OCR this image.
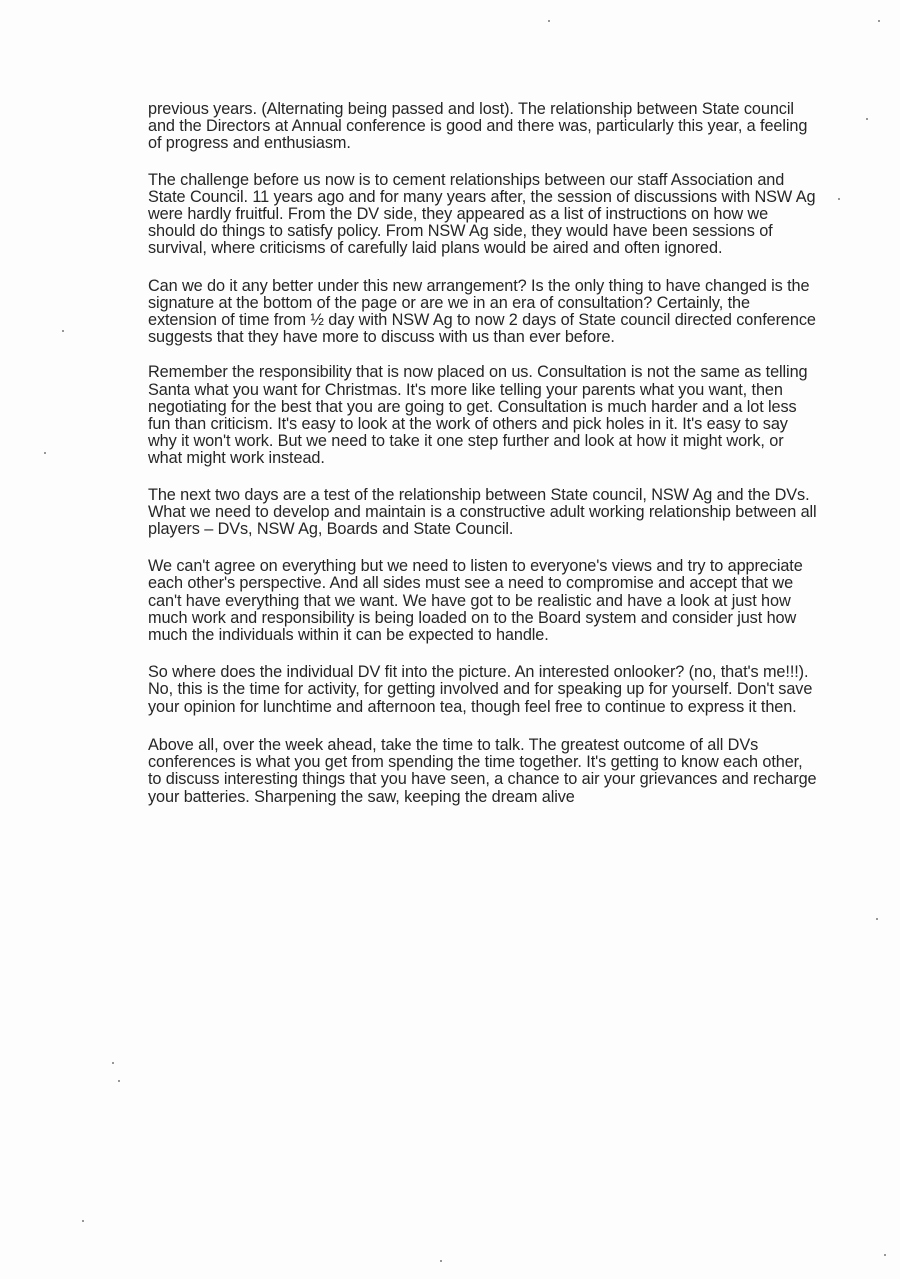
previous years. (Alternating being passed and lost). The relationship between State council and the Directors at Annual conference is good and there was, particularly this year, a feeling of progress and enthusiasm.

The challenge before us now is to cement relationships between our staff Association and State Council. 11 years ago and for many years after, the session of discussions with NSW Ag were hardly fruitful. From the DV side, they appeared as a list of instructions on how we should do things to satisfy policy. From NSW Ag side, they would have been sessions of survival, where criticisms of carefully laid plans would be aired and often ignored.

Can we do it any better under this new arrangement? Is the only thing to have changed is the signature at the bottom of the page or are we in an era of consultation? Certainly, the extension of time from ½ day with NSW Ag to now 2 days of State council directed conference suggests that they have more to discuss with us than ever before.

Remember the responsibility that is now placed on us. Consultation is not the same as telling Santa what you want for Christmas. It's more like telling your parents what you want, then negotiating for the best that you are going to get. Consultation is much harder and a lot less fun than criticism. It's easy to look at the work of others and pick holes in it. It's easy to say why it won't work. But we need to take it one step further and look at how it might work, or what might work instead.

The next two days are a test of the relationship between State council, NSW Ag and the DVs. What we need to develop and maintain is a constructive adult working relationship between all players – DVs, NSW Ag, Boards and State Council.

We can't agree on everything but we need to listen to everyone's views and try to appreciate each other's perspective. And all sides must see a need to compromise and accept that we can't have everything that we want. We have got to be realistic and have a look at just how much work and responsibility is being loaded on to the Board system and consider just how much the individuals within it can be expected to handle.

So where does the individual DV fit into the picture. An interested onlooker? (no, that's me!!!). No, this is the time for activity, for getting involved and for speaking up for yourself. Don't save your opinion for lunchtime and afternoon tea, though feel free to continue to express it then.

Above all, over the week ahead, take the time to talk. The greatest outcome of all DVs conferences is what you get from spending the time together. It's getting to know each other, to discuss interesting things that you have seen, a chance to air your grievances and recharge your batteries. Sharpening the saw, keeping the dream alive
